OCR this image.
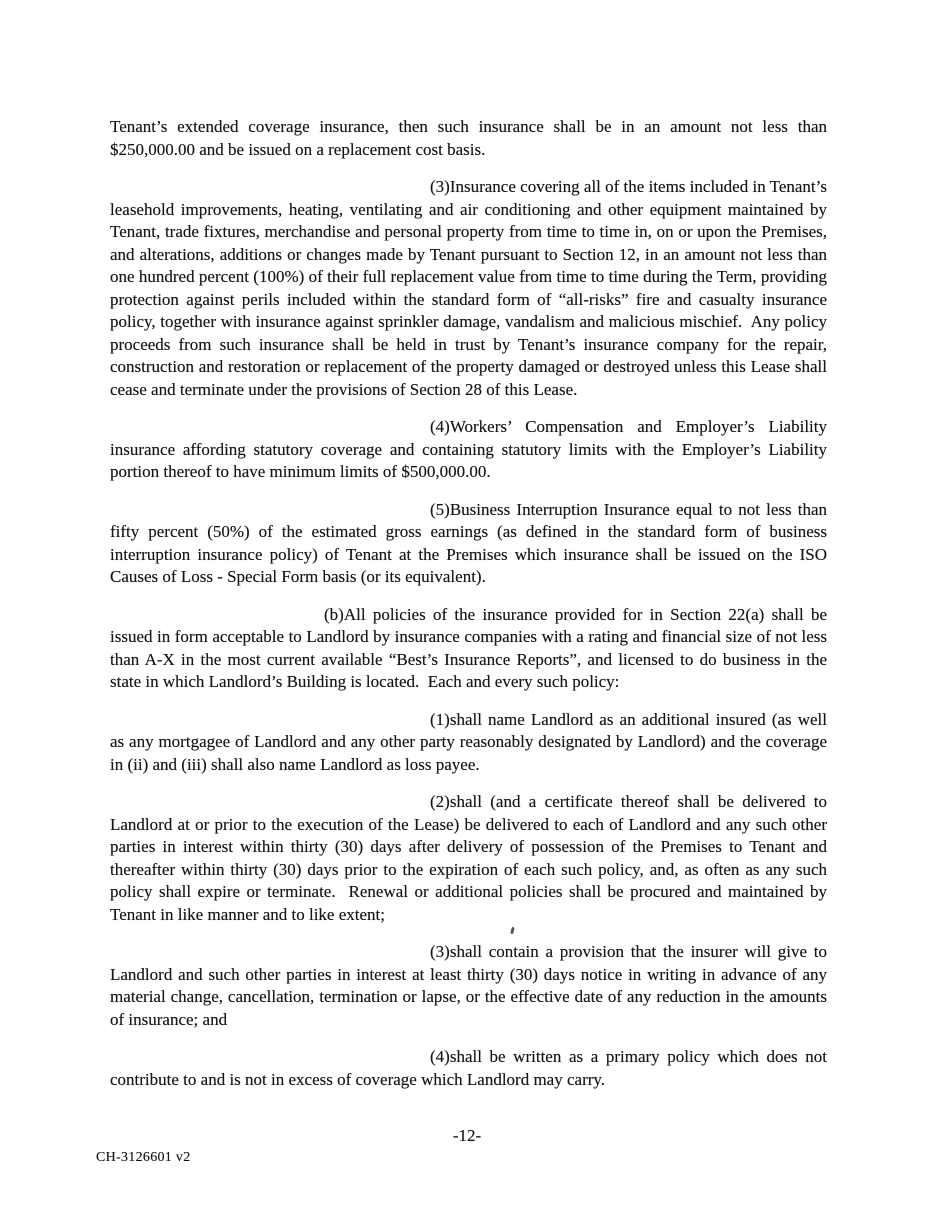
Tenant’s extended coverage insurance, then such insurance shall be in an amount not less than $250,000.00 and be issued on a replacement cost basis.

(3)Insurance covering all of the items included in Tenant’s leasehold improvements, heating, ventilating and air conditioning and other equipment maintained by Tenant, trade fixtures, merchandise and personal property from time to time in, on or upon the Premises, and alterations, additions or changes made by Tenant pursuant to Section 12, in an amount not less than one hundred percent (100%) of their full replacement value from time to time during the Term, providing protection against perils included within the standard form of “all-risks” fire and casualty insurance policy, together with insurance against sprinkler damage, vandalism and malicious mischief.  Any policy proceeds from such insurance shall be held in trust by Tenant’s insurance company for the repair, construction and restoration or replacement of the property damaged or destroyed unless this Lease shall cease and terminate under the provisions of Section 28 of this Lease.

(4)Workers’ Compensation and Employer’s Liability insurance affording statutory coverage and containing statutory limits with the Employer’s Liability portion thereof to have minimum limits of $500,000.00.

(5)Business Interruption Insurance equal to not less than fifty percent (50%) of the estimated gross earnings (as defined in the standard form of business interruption insurance policy) of Tenant at the Premises which insurance shall be issued on the ISO Causes of Loss - Special Form basis (or its equivalent).

(b)All policies of the insurance provided for in Section 22(a) shall be issued in form acceptable to Landlord by insurance companies with a rating and financial size of not less than A-X in the most current available “Best’s Insurance Reports”, and licensed to do business in the state in which Landlord’s Building is located.  Each and every such policy:

(1)shall name Landlord as an additional insured (as well as any mortgagee of Landlord and any other party reasonably designated by Landlord) and the coverage in (ii) and (iii) shall also name Landlord as loss payee.

(2)shall (and a certificate thereof shall be delivered to Landlord at or prior to the execution of the Lease) be delivered to each of Landlord and any such other parties in interest within thirty (30) days after delivery of possession of the Premises to Tenant and thereafter within thirty (30) days prior to the expiration of each such policy, and, as often as any such policy shall expire or terminate.  Renewal or additional policies shall be procured and maintained by Tenant in like manner and to like extent;

(3)shall contain a provision that the insurer will give to Landlord and such other parties in interest at least thirty (30) days notice in writing in advance of any material change, cancellation, termination or lapse, or the effective date of any reduction in the amounts of insurance; and

(4)shall be written as a primary policy which does not contribute to and is not in excess of coverage which Landlord may carry.

-12-
CH-3126601 v2
